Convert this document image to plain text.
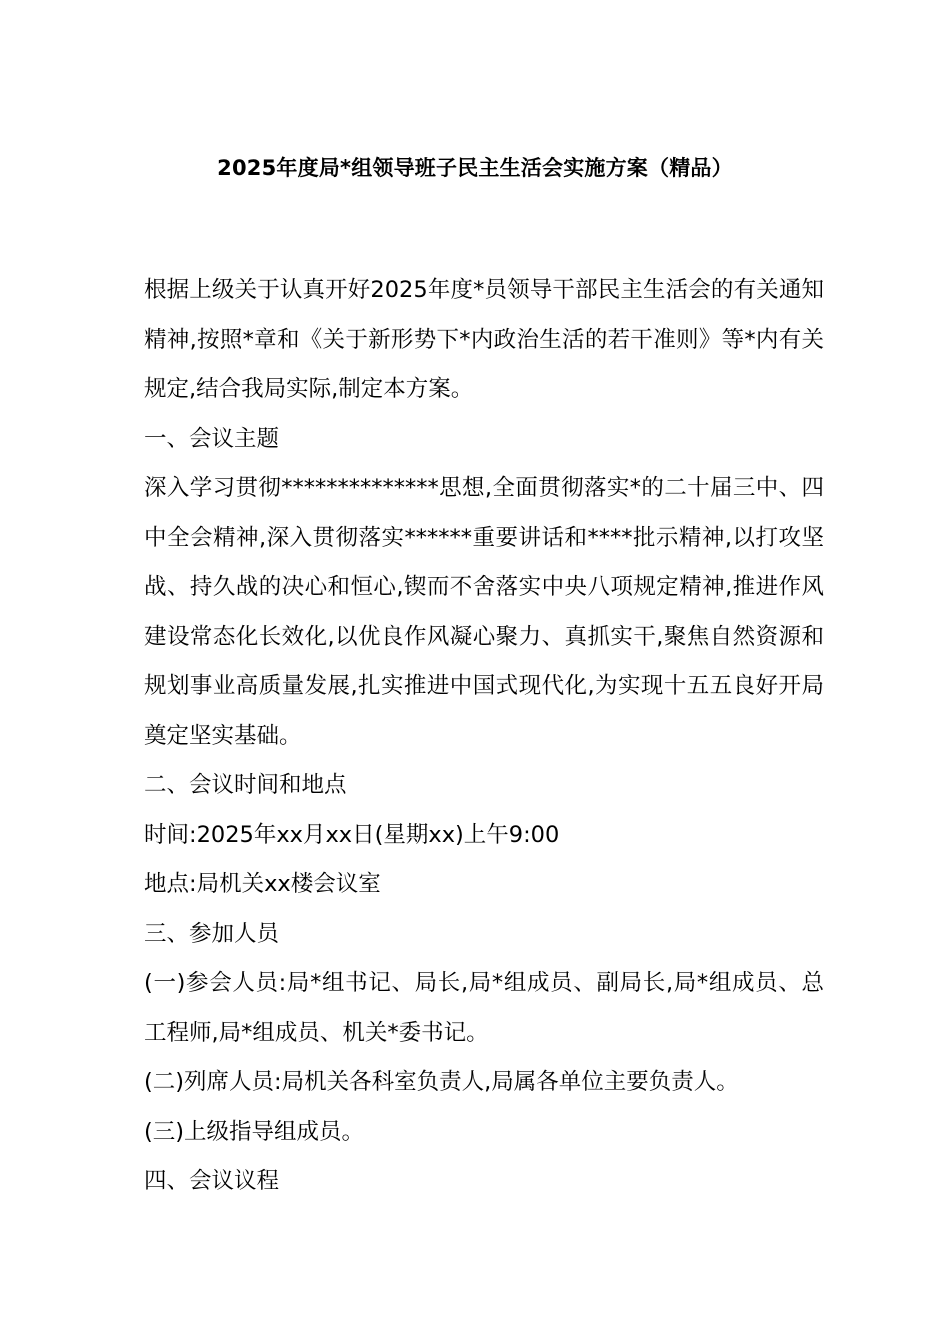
2025年度局*组领导班子民主生活会实施方案（精品）

根据上级关于认真开好2025年度*员领导干部民主生活会的有关通知精神,按照*章和《关于新形势下*内政治生活的若干准则》等*内有关规定,结合我局实际,制定本方案。

一、会议主题

深入学习贯彻**************思想,全面贯彻落实*的二十届三中、四中全会精神,深入贯彻落实******重要讲话和****批示精神,以打攻坚战、持久战的决心和恒心,锲而不舍落实中央八项规定精神,推进作风建设常态化长效化,以优良作风凝心聚力、真抓实干,聚焦自然资源和规划事业高质量发展,扎实推进中国式现代化,为实现十五五良好开局奠定坚实基础。

二、会议时间和地点

时间:2025年xx月xx日(星期xx)上午9:00

地点:局机关xx楼会议室

三、参加人员

(一)参会人员:局*组书记、局长,局*组成员、副局长,局*组成员、总工程师,局*组成员、机关*委书记。

(二)列席人员:局机关各科室负责人,局属各单位主要负责人。

(三)上级指导组成员。

四、会议议程
